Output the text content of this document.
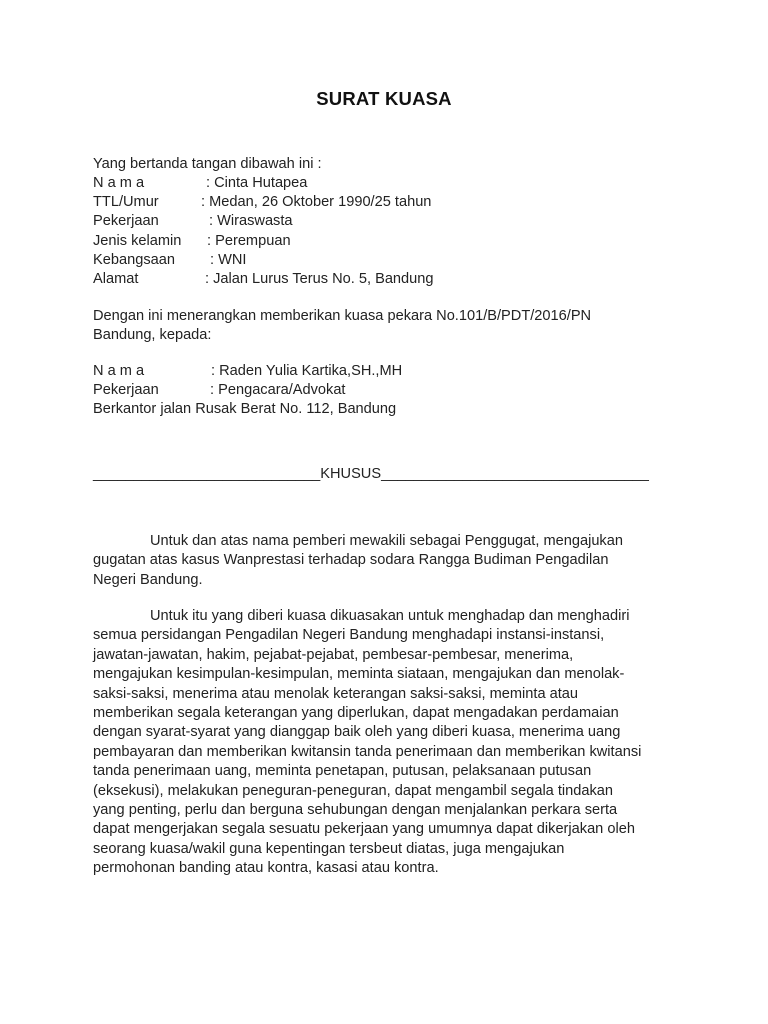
SURAT KUASA
Yang bertanda tangan dibawah ini :
N a m a	: Cinta Hutapea
TTL/Umur	: Medan, 26 Oktober 1990/25 tahun
Pekerjaan	: Wiraswasta
Jenis kelamin : Perempuan
Kebangsaan : WNI
Alamat	: Jalan Lurus Terus No. 5, Bandung
Dengan ini menerangkan memberikan kuasa pekara No.101/B/PDT/2016/PN
Bandung, kepada:
N a m a	: Raden Yulia Kartika,SH.,MH
Pekerjaan	: Pengacara/Advokat
Berkantor jalan Rusak Berat No. 112, Bandung
____________________________KHUSUS_________________________________
Untuk dan atas nama pemberi mewakili sebagai Penggugat, mengajukan
gugatan atas kasus Wanprestasi terhadap sodara Rangga Budiman Pengadilan
Negeri Bandung.
Untuk itu yang diberi kuasa dikuasakan untuk menghadap dan menghadiri
semua persidangan Pengadilan Negeri Bandung menghadapi instansi-instansi,
jawatan-jawatan, hakim, pejabat-pejabat, pembesar-pembesar, menerima,
mengajukan kesimpulan-kesimpulan, meminta siataan, mengajukan dan menolak-
saksi-saksi, menerima atau menolak keterangan saksi-saksi, meminta atau
memberikan segala keterangan yang diperlukan, dapat mengadakan perdamaian
dengan syarat-syarat yang dianggap baik oleh yang diberi kuasa, menerima uang
pembayaran dan memberikan kwitansin tanda penerimaan dan memberikan kwitansi
tanda penerimaan uang, meminta penetapan, putusan, pelaksanaan putusan
(eksekusi), melakukan peneguran-peneguran, dapat mengambil segala tindakan
yang penting, perlu dan berguna sehubungan dengan menjalankan perkara serta
dapat mengerjakan segala sesuatu pekerjaan yang umumnya dapat dikerjakan oleh
seorang kuasa/wakil guna kepentingan tersbeut diatas, juga mengajukan
permohonan banding atau kontra, kasasi atau kontra.
